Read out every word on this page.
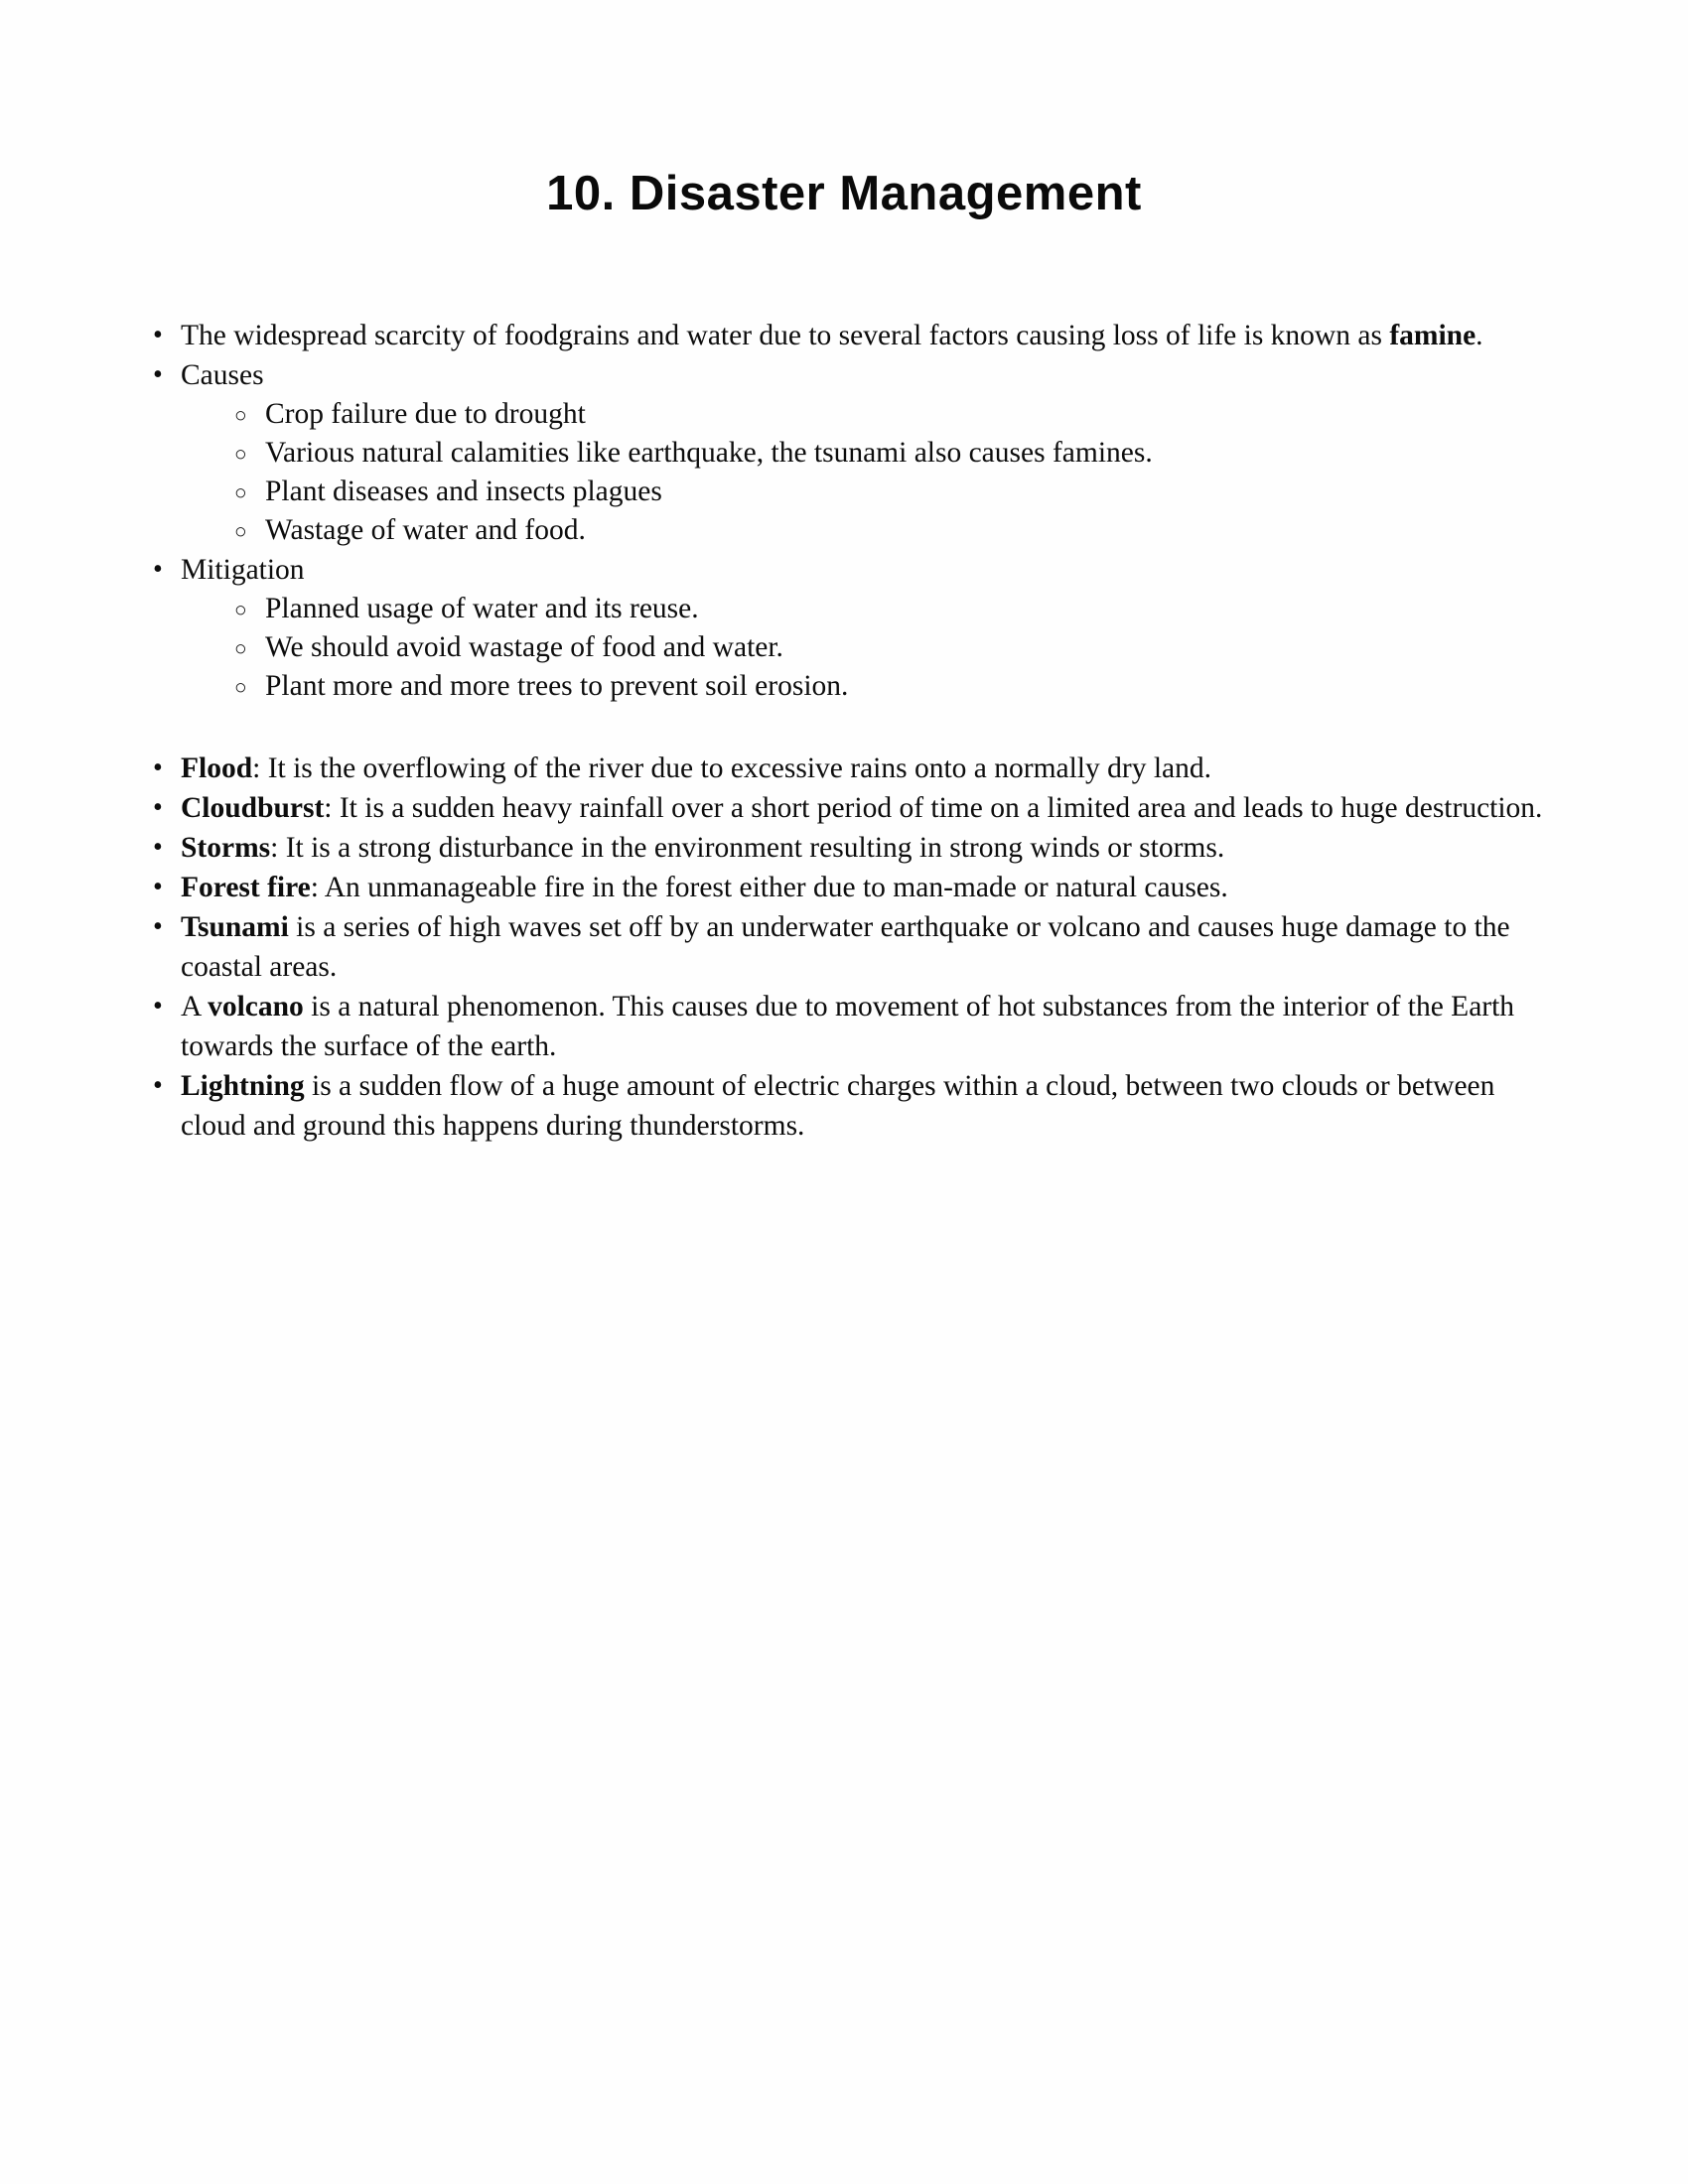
10. Disaster Management
• The widespread scarcity of foodgrains and water due to several factors causing loss of life is known as famine.
• Causes
○ Crop failure due to drought
○ Various natural calamities like earthquake, the tsunami also causes famines.
○ Plant diseases and insects plagues
○ Wastage of water and food.
• Mitigation
○ Planned usage of water and its reuse.
○ We should avoid wastage of food and water.
○ Plant more and more trees to prevent soil erosion.
• Flood: It is the overflowing of the river due to excessive rains onto a normally dry land.
• Cloudburst: It is a sudden heavy rainfall over a short period of time on a limited area and leads to huge destruction.
• Storms: It is a strong disturbance in the environment resulting in strong winds or storms.
• Forest fire: An unmanageable fire in the forest either due to man-made or natural causes.
• Tsunami is a series of high waves set off by an underwater earthquake or volcano and causes huge damage to the coastal areas.
• A volcano is a natural phenomenon. This causes due to movement of hot substances from the interior of the Earth towards the surface of the earth.
• Lightning is a sudden flow of a huge amount of electric charges within a cloud, between two clouds or between cloud and ground this happens during thunderstorms.
